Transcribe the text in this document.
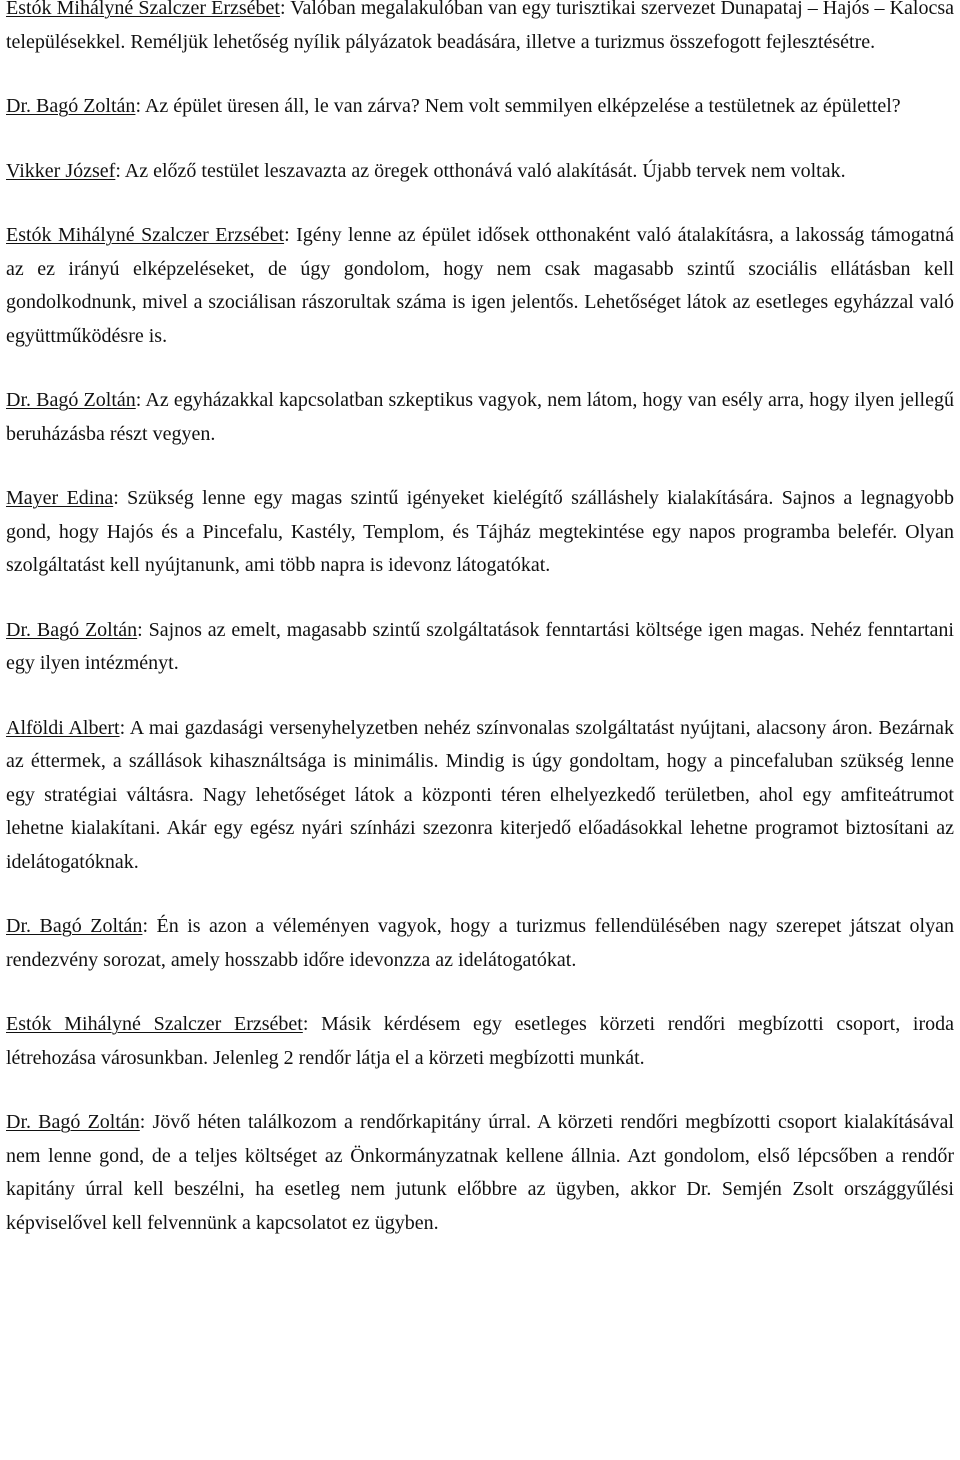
Estók Mihályné Szalczer Erzsébet: Valóban megalakulóban van egy turisztikai szervezet Dunapataj – Hajós – Kalocsa településekkel. Reméljük lehetőség nyílik pályázatok beadására, illetve a turizmus összefogott fejlesztésétre.

Dr. Bagó Zoltán: Az épület üresen áll, le van zárva? Nem volt semmilyen elképzelése a testületnek az épülettel?

Vikker József: Az előző testület leszavazta az öregek otthonává való alakítását. Újabb tervek nem voltak.

Estók Mihályné Szalczer Erzsébet: Igény lenne az épület idősek otthonaként való átalakításra, a lakosság támogatná az ez irányú elképzeléseket, de úgy gondolom, hogy nem csak magasabb szintű szociális ellátásban kell gondolkodnunk, mivel a szociálisan rászorultak száma is igen jelentős. Lehetőséget látok az esetleges egyházzal való együttműködésre is.

Dr. Bagó Zoltán: Az egyházakkal kapcsolatban szkeptikus vagyok, nem látom, hogy van esély arra, hogy ilyen jellegű beruházásba részt vegyen.

Mayer Edina: Szükség lenne egy magas szintű igényeket kielégítő szálláshely kialakítására. Sajnos a legnagyobb gond, hogy Hajós és a Pincefalu, Kastély, Templom, és Tájház megtekintése egy napos programba belefér. Olyan szolgáltatást kell nyújtanunk, ami több napra is idevonz látogatókat.

Dr. Bagó Zoltán: Sajnos az emelt, magasabb szintű szolgáltatások fenntartási költsége igen magas. Nehéz fenntartani egy ilyen intézményt.

Alföldi Albert: A mai gazdasági versenyhelyzetben nehéz színvonalas szolgáltatást nyújtani, alacsony áron. Bezárnak az éttermek, a szállások kihasználtsága is minimális. Mindig is úgy gondoltam, hogy a pincefaluban szükség lenne egy stratégiai váltásra. Nagy lehetőséget látok a központi téren elhelyezkedő területben, ahol egy amfiteátrumot lehetne kialakítani. Akár egy egész nyári színházi szezonra kiterjedő előadásokkal lehetne programot biztosítani az idelátogatóknak.

Dr. Bagó Zoltán: Én is azon a véleményen vagyok, hogy a turizmus fellendülésében nagy szerepet játszat olyan rendezvény sorozat, amely hosszabb időre idevonzza az idelátogatókat.

Estók Mihályné Szalczer Erzsébet: Másik kérdésem egy esetleges körzeti rendőri megbízotti csoport, iroda létrehozása városunkban. Jelenleg 2 rendőr látja el a körzeti megbízotti munkát.

Dr. Bagó Zoltán: Jövő héten találkozom a rendőrkapitány úrral. A körzeti rendőri megbízotti csoport kialakításával nem lenne gond, de a teljes költséget az Önkormányzatnak kellene állnia. Azt gondolom, első lépcsőben a rendőr kapitány úrral kell beszélni, ha esetleg nem jutunk előbbre az ügyben, akkor Dr. Semjén Zsolt országgyűlési képviselővel kell felvennünk a kapcsolatot ez ügyben.
